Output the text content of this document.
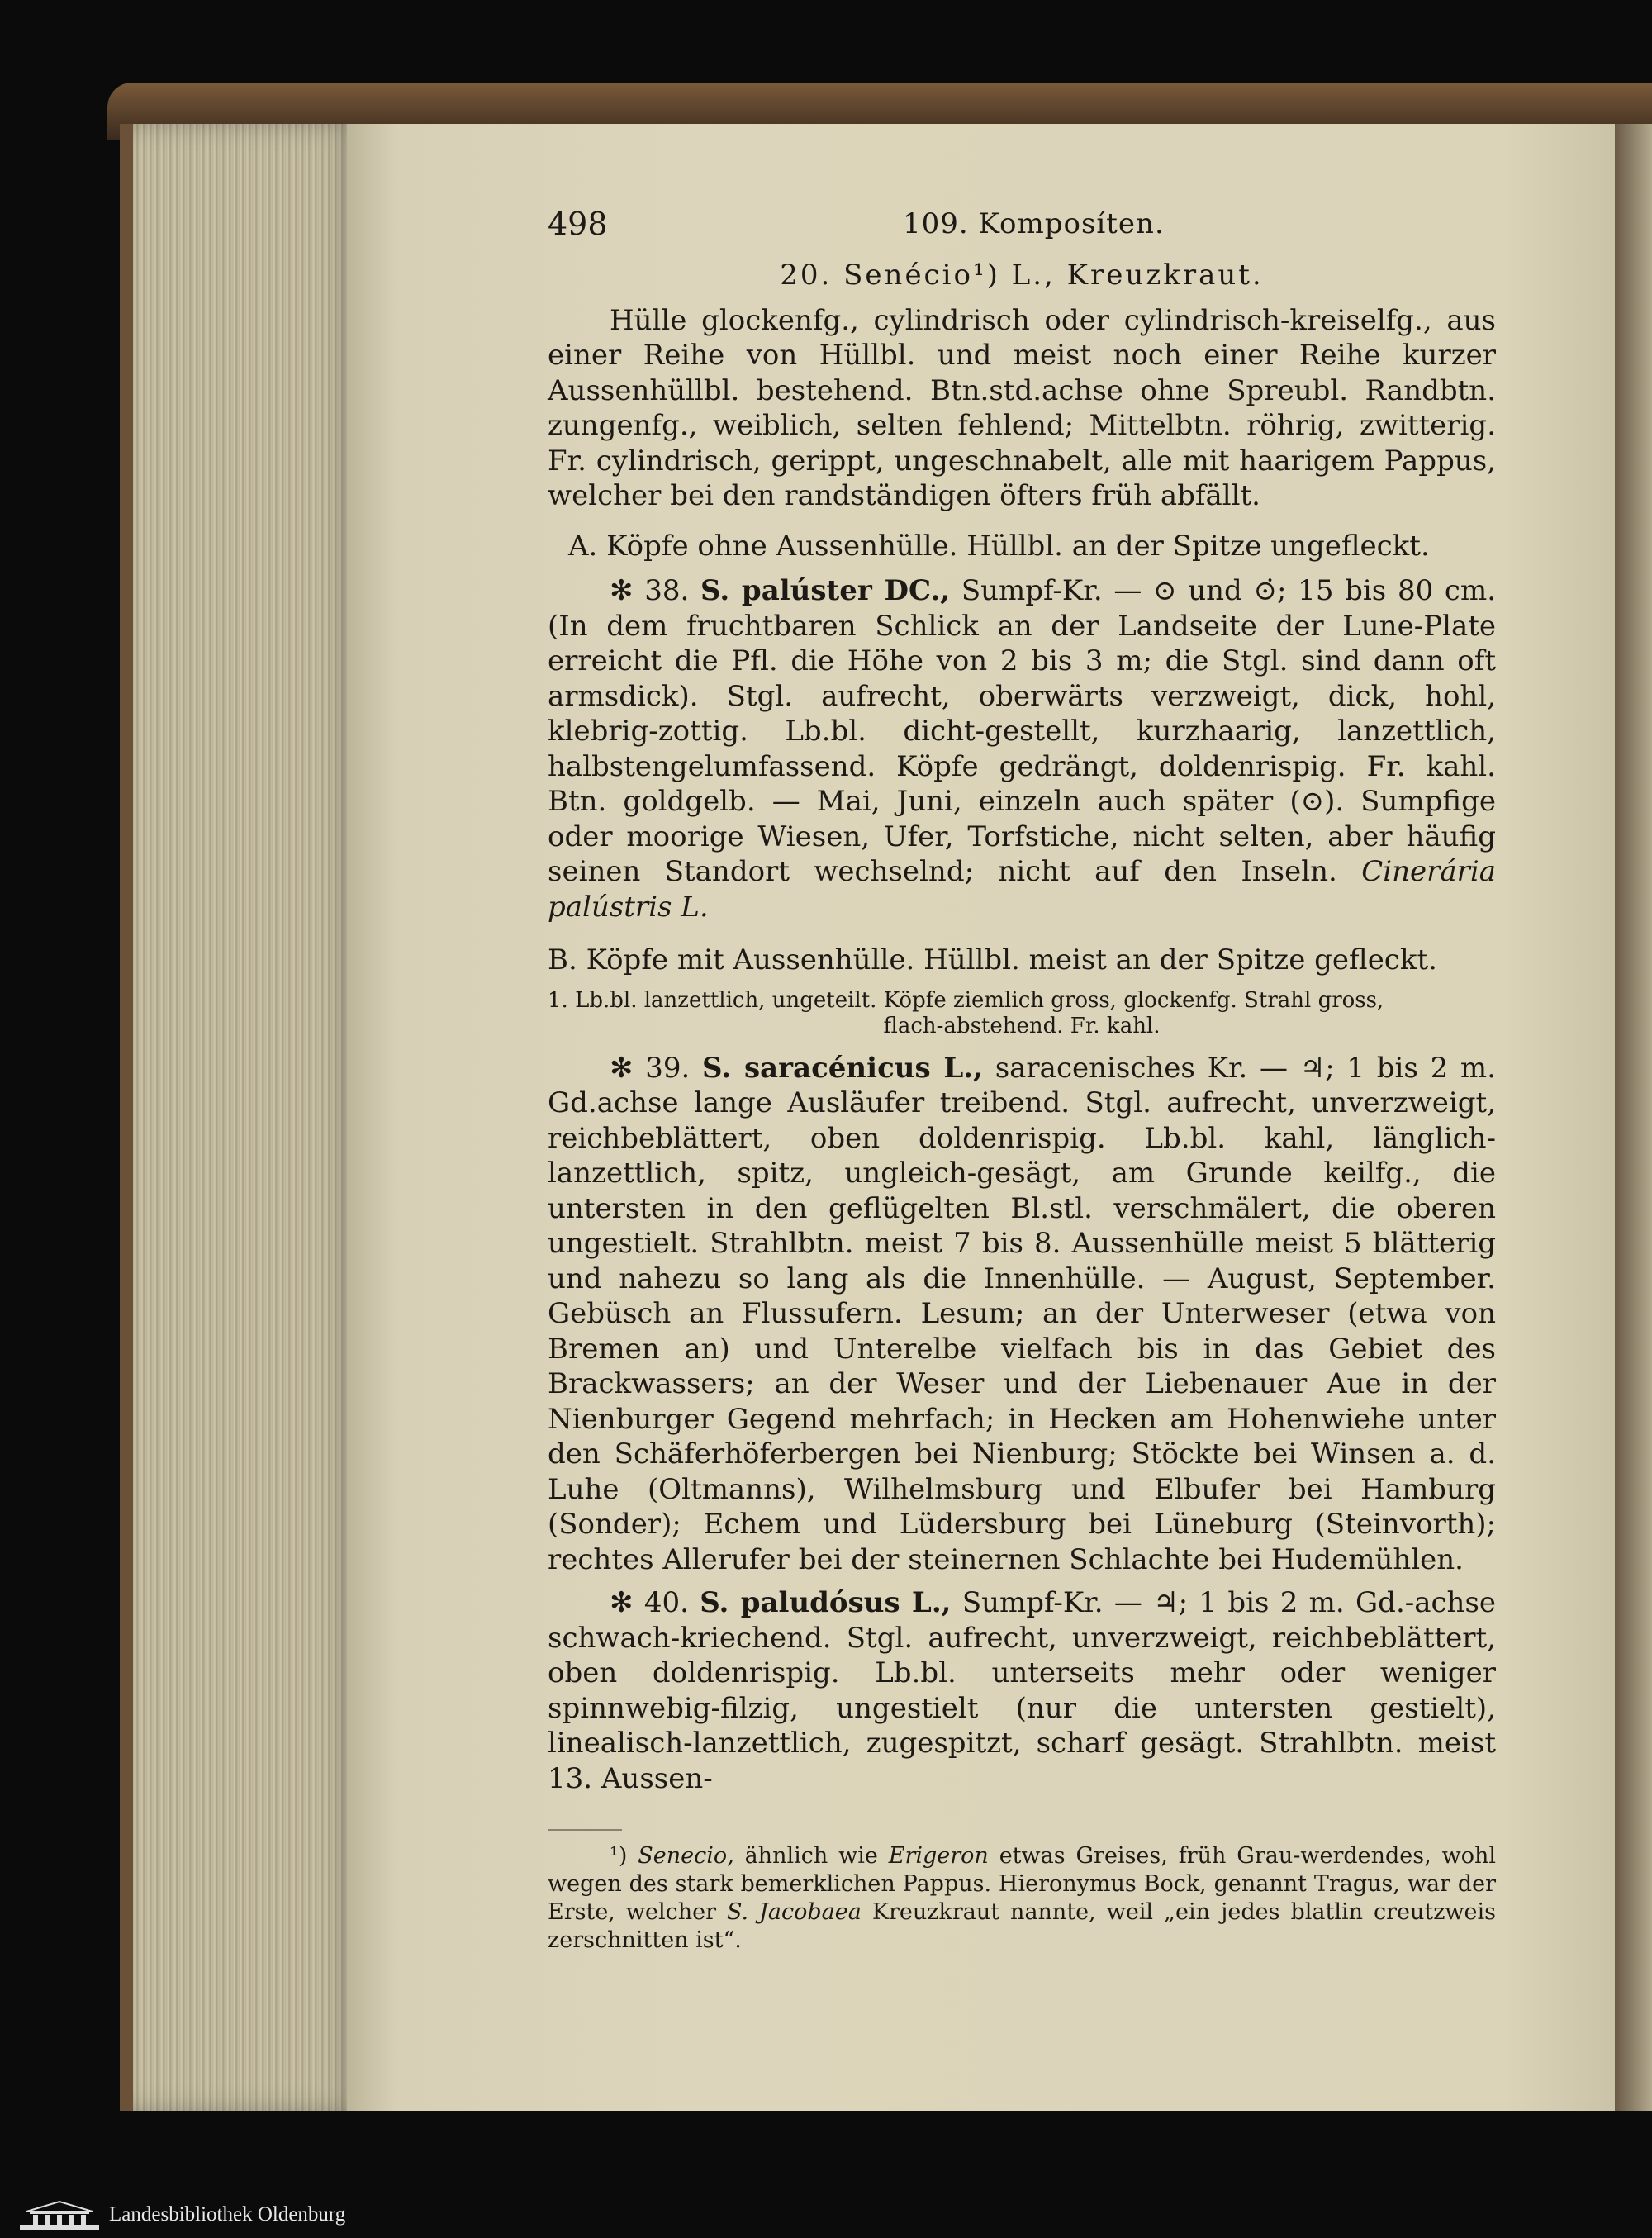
498	109. Komposíten.
20. Senécio¹) L., Kreuzkraut.

Hülle glockenfg., cylindrisch oder cylindrisch-kreiselfg., aus einer Reihe von Hüllbl. und meist noch einer Reihe kurzer Aussenhüllbl. bestehend. Btn.std.achse ohne Spreubl. Randbtn. zungenfg., weiblich, selten fehlend; Mittelbtn. röhrig, zwitterig. Fr. cylindrisch, gerippt, ungeschnabelt, alle mit haarigem Pappus, welcher bei den randständigen öfters früh abfällt.

A. Köpfe ohne Aussenhülle. Hüllbl. an der Spitze ungefleckt.

✻ 38. S. palúster DC., Sumpf-Kr. — ⊙ und ⊙̇; 15 bis 80 cm. (In dem fruchtbaren Schlick an der Landseite der Lune-Plate erreicht die Pfl. die Höhe von 2 bis 3 m; die Stgl. sind dann oft armsdick). Stgl. aufrecht, oberwärts verzweigt, dick, hohl, klebrig-zottig. Lb.bl. dicht-gestellt, kurzhaarig, lanzettlich, halbstengelumfassend. Köpfe gedrängt, doldenrispig. Fr. kahl. Btn. goldgelb. — Mai, Juni, einzeln auch später (⊙). Sumpfige oder moorige Wiesen, Ufer, Torfstiche, nicht selten, aber häufig seinen Standort wechselnd; nicht auf den Inseln. Cinerária palústris L.

B. Köpfe mit Aussenhülle. Hüllbl. meist an der Spitze gefleckt.

1. Lb.bl. lanzettlich, ungeteilt. Köpfe ziemlich gross, glockenfg. Strahl gross,
flach-abstehend. Fr. kahl.

✻ 39. S. saracénicus L., saracenisches Kr. — ♃; 1 bis 2 m. Gd.achse lange Ausläufer treibend. Stgl. aufrecht, unverzweigt, reichbeblättert, oben doldenrispig. Lb.bl. kahl, länglich-lanzettlich, spitz, ungleich-gesägt, am Grunde keilfg., die untersten in den geflügelten Bl.stl. verschmälert, die oberen ungestielt. Strahlbtn. meist 7 bis 8. Aussenhülle meist 5 blätterig und nahezu so lang als die Innenhülle. — August, September. Gebüsch an Flussufern. Lesum; an der Unterweser (etwa von Bremen an) und Unterelbe vielfach bis in das Gebiet des Brackwassers; an der Weser und der Liebenauer Aue in der Nienburger Gegend mehrfach; in Hecken am Hohenwiehe unter den Schäferhöferbergen bei Nienburg; Stöckte bei Winsen a. d. Luhe (Oltmanns), Wilhelmsburg und Elbufer bei Hamburg (Sonder); Echem und Lüdersburg bei Lüneburg (Steinvorth); rechtes Allerufer bei der steinernen Schlachte bei Hudemühlen.

✻ 40. S. paludósus L., Sumpf-Kr. — ♃; 1 bis 2 m. Gd.-achse schwach-kriechend. Stgl. aufrecht, unverzweigt, reichbeblättert, oben doldenrispig. Lb.bl. unterseits mehr oder weniger spinnwebig-filzig, ungestielt (nur die untersten gestielt), linealisch-lanzettlich, zugespitzt, scharf gesägt. Strahlbtn. meist 13. Aussen-

¹) Senecio, ähnlich wie Erigeron etwas Greises, früh Grau-werdendes, wohl wegen des stark bemerklichen Pappus. Hieronymus Bock, genannt Tragus, war der Erste, welcher S. Jacobaea Kreuzkraut nannte, weil „ein jedes blatlin creutzweis zerschnitten ist“.

Landesbibliothek Oldenburg
